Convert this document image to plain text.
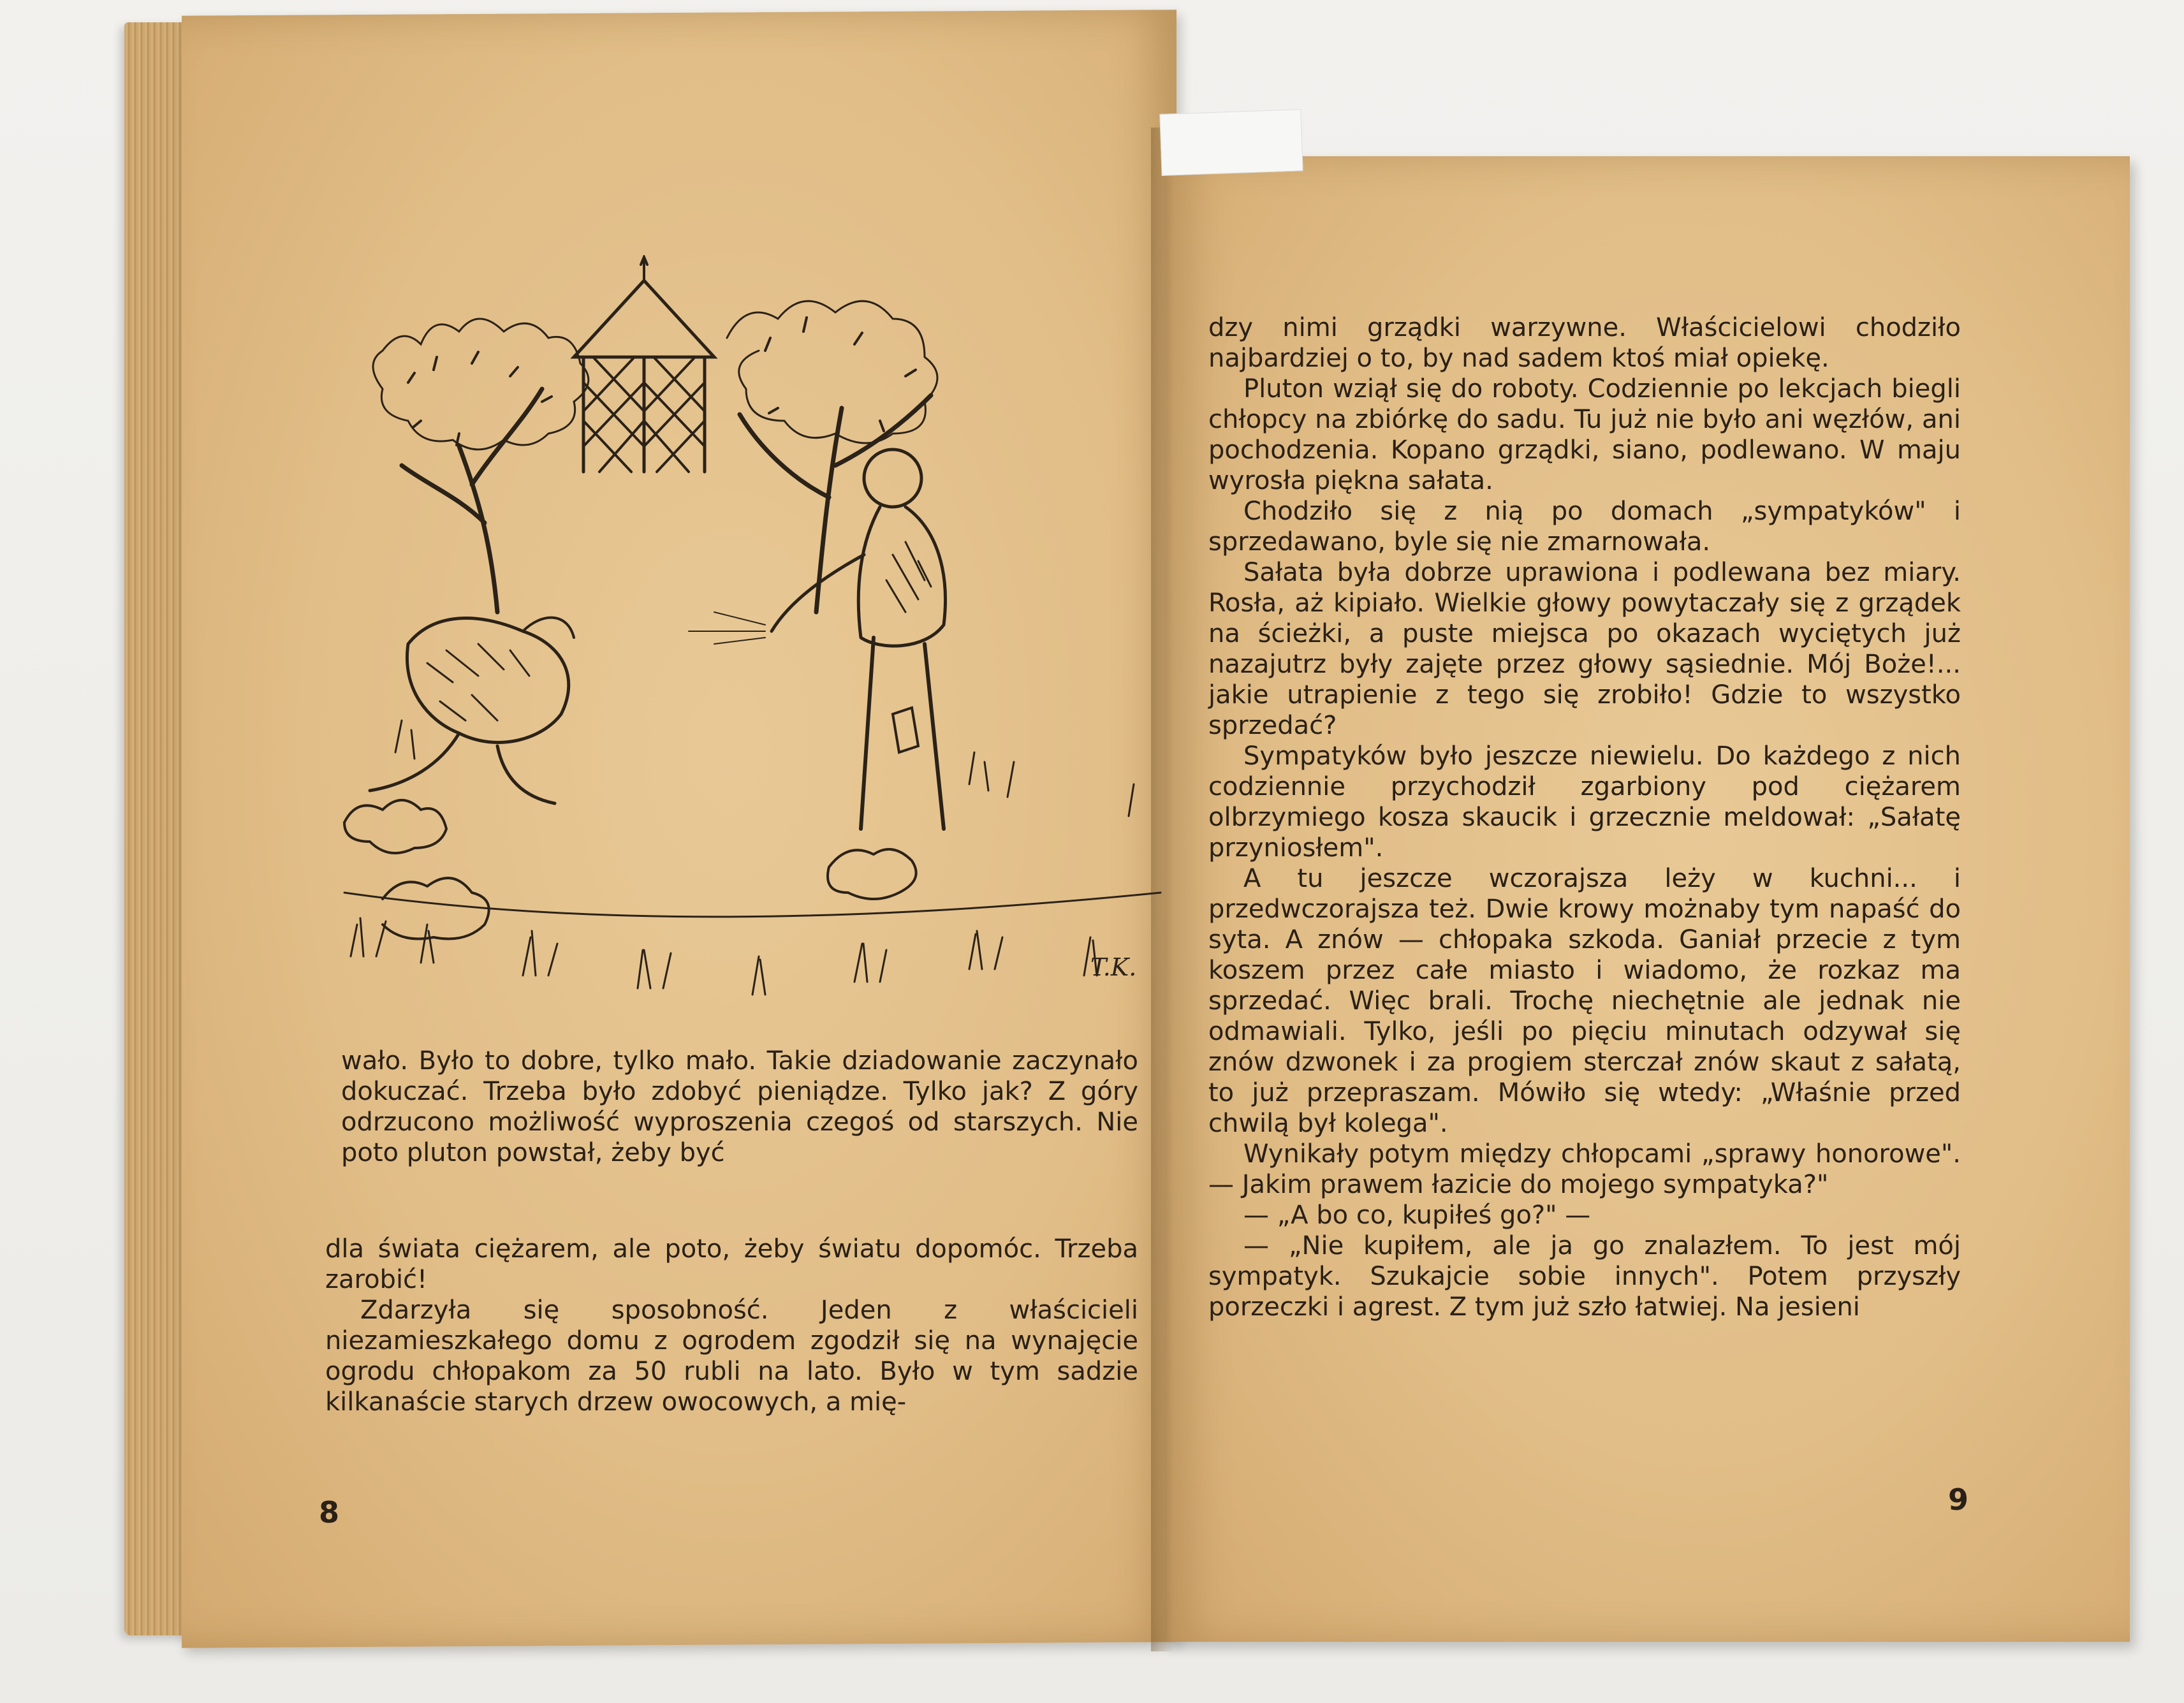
T.K.

wało. Było to dobre, tylko mało. Takie dziadowanie zaczynało dokuczać. Trzeba było zdobyć pieniądze. Tylko jak? Z góry odrzucono możliwość wyproszenia czegoś od starszych. Nie poto pluton powstał, żeby być

dla świata ciężarem, ale poto, żeby światu dopomóc. Trzeba zarobić!

Zdarzyła się sposobność. Jeden z właścicieli niezamieszkałego domu z ogrodem zgodził się na wynajęcie ogrodu chłopakom za 50 rubli na lato. Było w tym sadzie kilkanaście starych drzew owocowych, a mię-

8

dzy nimi grządki warzywne. Właścicielowi chodziło najbardziej o to, by nad sadem ktoś miał opiekę.

Pluton wziął się do roboty. Codziennie po lekcjach biegli chłopcy na zbiórkę do sadu. Tu już nie było ani węzłów, ani pochodzenia. Kopano grządki, siano, podlewano. W maju wyrosła piękna sałata.

Chodziło się z nią po domach „sympatyków" i sprzedawano, byle się nie zmarnowała.

Sałata była dobrze uprawiona i podlewana bez miary. Rosła, aż kipiało. Wielkie głowy powytaczały się z grządek na ścieżki, a puste miejsca po okazach wyciętych już nazajutrz były zajęte przez głowy sąsiednie. Mój Boże!... jakie utrapienie z tego się zrobiło! Gdzie to wszystko sprzedać?

Sympatyków było jeszcze niewielu. Do każdego z nich codziennie przychodził zgarbiony pod ciężarem olbrzymiego kosza skaucik i grzecznie meldował: „Sałatę przyniosłem".

A tu jeszcze wczorajsza leży w kuchni... i przedwczorajsza też. Dwie krowy możnaby tym napaść do syta. A znów — chłopaka szkoda. Ganiał przecie z tym koszem przez całe miasto i wiadomo, że rozkaz ma sprzedać. Więc brali. Trochę niechętnie ale jednak nie odmawiali. Tylko, jeśli po pięciu minutach odzywał się znów dzwonek i za progiem sterczał znów skaut z sałatą, to już przepraszam. Mówiło się wtedy: „Właśnie przed chwilą był kolega".

Wynikały potym między chłopcami „sprawy honorowe". — Jakim prawem łazicie do mojego sympatyka?"

— „A bo co, kupiłeś go?" —

— „Nie kupiłem, ale ja go znalazłem. To jest mój sympatyk. Szukajcie sobie innych". Potem przyszły porzeczki i agrest. Z tym już szło łatwiej. Na jesieni

9
